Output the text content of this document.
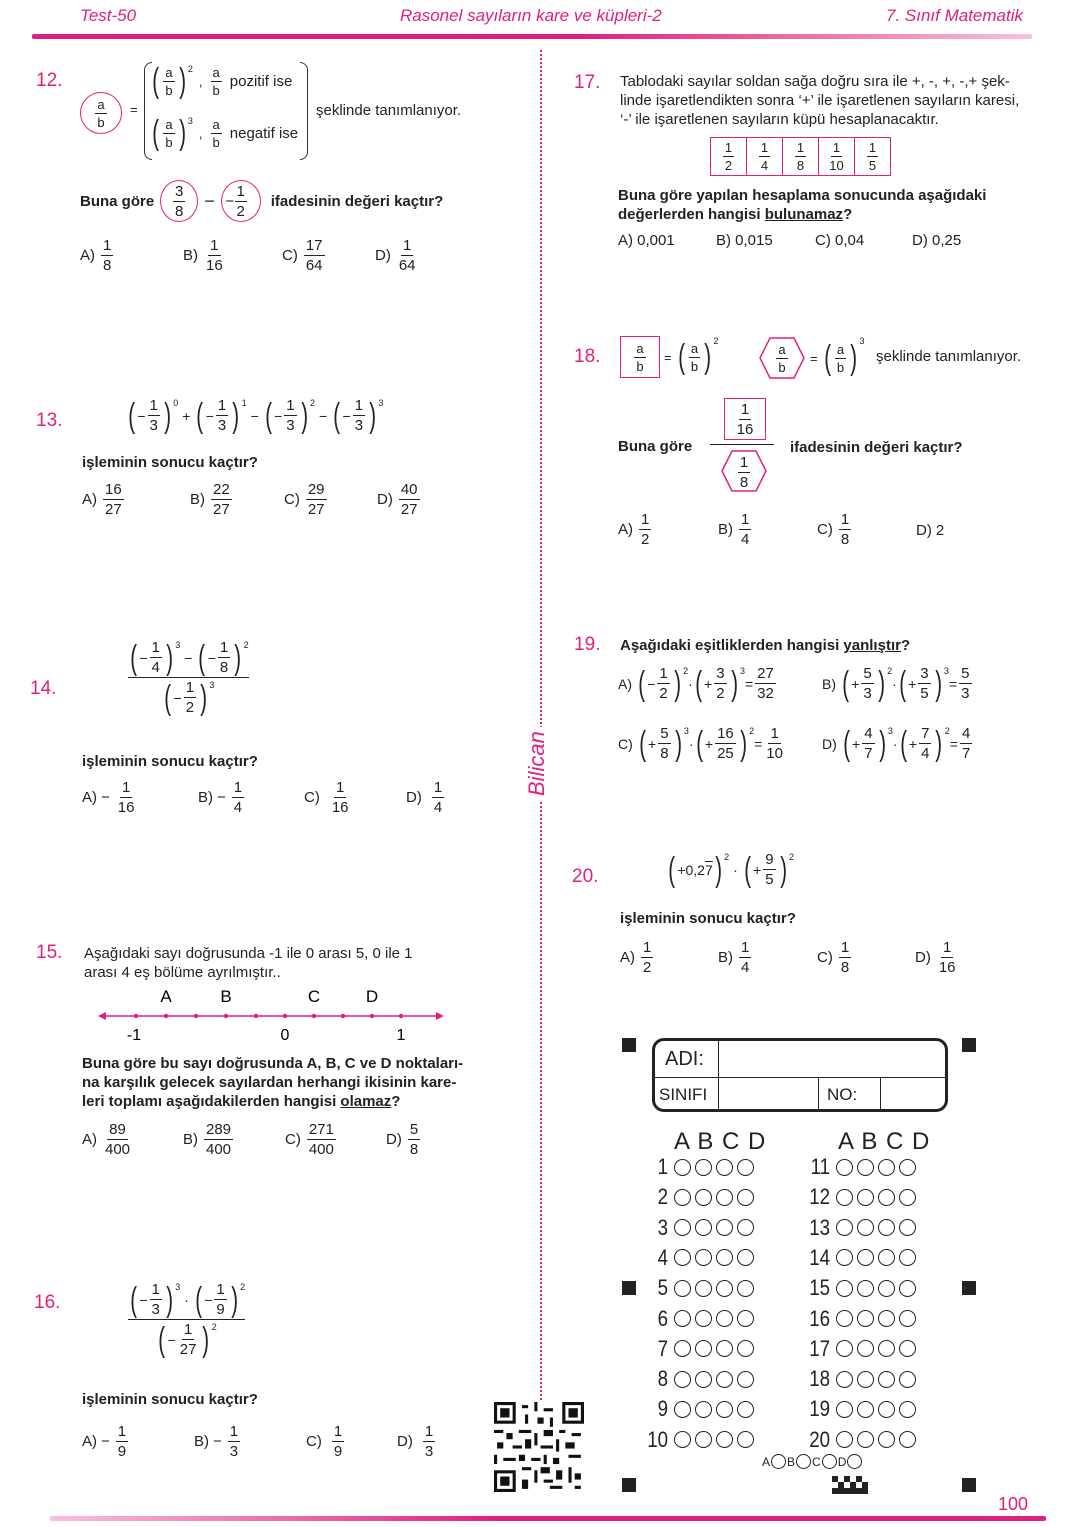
Test-50	Rasonel sayıların kare ve küpleri-2	7. Sınıf Matematik
Bilican
12.
$\frac{a}{b}$ =
( $\frac{a}{b}$ ) 2
, $\frac{a}{b}$ pozitif ise
( $\frac{a}{b}$ ) 3
, $\frac{a}{b}$ negatif ise
şeklinde tanımlanıyor.
Buna göre $\frac{3}{8}$ − −
1
2
ifadesinin değeri kaçtır?
$A) \frac{1}{8}$	$B) \frac{1}{16}$	$C) \frac{17}{64}$	$D) \frac{1}{64}$
13. ( − $\frac{1}{3}$ ) 0
+ ( − $\frac{1}{3}$ ) 1
− ( − $\frac{1}{3}$ ) 2
− ( − $\frac{1}{3}$ ) 3
işleminin sonucu kaçtır?
$A) \frac{16}{27}$	$B) \frac{22}{27}$	$C) \frac{29}{27}$	$D) \frac{40}{27}$
14.
( − $\frac{1}{4}$ ) 3
− ( − $\frac{1}{8}$ ) 2
( − $\frac{1}{2}$ ) 3
işleminin sonucu kaçtır?
$A) - \frac{1}{16}$	$B) - \frac{1}{4}$	$C) \frac{1}{16}$	$D) \frac{1}{4}$
15. Aşağıdaki sayı doğrusunda -1 ile 0 arası 5, 0 ile 1
arası 4 eş bölüme ayrılmıştır..
A	B	C	D
-1	0	1
Buna göre bu sayı doğrusunda A, B, C ve D noktaları-
na karşılık gelecek sayılardan herhangi ikisinin kare-
leri toplamı aşağıdakilerden hangisi olamaz?
$A) \frac{89}{400}$	$B) \frac{289}{400}$	$C) \frac{271}{400}$	$D) \frac{5}{8}$
16. ( − $\frac{1}{3}$ ) 3
· ( − $\frac{1}{9}$ ) 2
( − $\frac{1}{27}$ ) 2
işleminin sonucu kaçtır?
$A) - \frac{1}{9}$	$B) - \frac{1}{3}$	$C) \frac{1}{9}$	$D) \frac{1}{3}$
17. Tablodaki sayılar soldan sağa doğru sıra ile +, -, +, -,+ şek-
linde işaretlendikten sonra ‘+’ ile işaretlenen sayıların karesi,
‘-’ ile işaretlenen sayıların küpü hesaplanacaktır.
$\frac{1}{2}$	$\frac{1}{4}$	$\frac{1}{8}$	$\frac{1}{10}$	$\frac{1}{5}$
Buna göre yapılan hesaplama sonucunda aşağıdaki
değerlerden hangisi bulunamaz?
A) 0,001	B) 0,015	C) 0,04	D) 0,25
18.	$\frac{a}{b}$ = ( $\frac{a}{b}$ ) 2
$\frac{a}{b}$ = ( $\frac{a}{b}$ ) 3
şeklinde tanımlanıyor.
Buna göre
$\frac{1}{16}$
$\frac{1}{8}$
ifadesinin değeri kaçtır?
$A) \frac{1}{2}$	$B) \frac{1}{4}$	$C) \frac{1}{8}$	D) 2
19. Aşağıdaki eşitliklerden hangisi yanlıştır?
A) ( − $\frac{1}{2}$ ) 2
· ( + $\frac{3}{2}$ ) 3
= $\frac{27}{32}$	B) ( + $\frac{5}{3}$ ) 2
· ( + $\frac{3}{5}$ ) 3
= $\frac{5}{3}$
C) ( + $\frac{5}{8}$ ) 3
· ( + $\frac{16}{25}$ ) 2
= $\frac{1}{10}$	D) ( + $\frac{4}{7}$ ) 3
· ( + $\frac{7}{4}$ ) 2
= $\frac{4}{7}$
20. ( +0,2 7 ) 2
· ( + $\frac{9}{5}$ ) 2
işleminin sonucu kaçtır?
$A) \frac{1}{2}$	$B) \frac{1}{4}$	$C) \frac{1}{8}$	$D) \frac{1}{16}$
ADI:
SINIFI	NO:
A B C D	A B C D
1
2
3
4
5
6
7
8
9
10
11
12
13
14
15
16
17
18
19
20
A B C D
100
